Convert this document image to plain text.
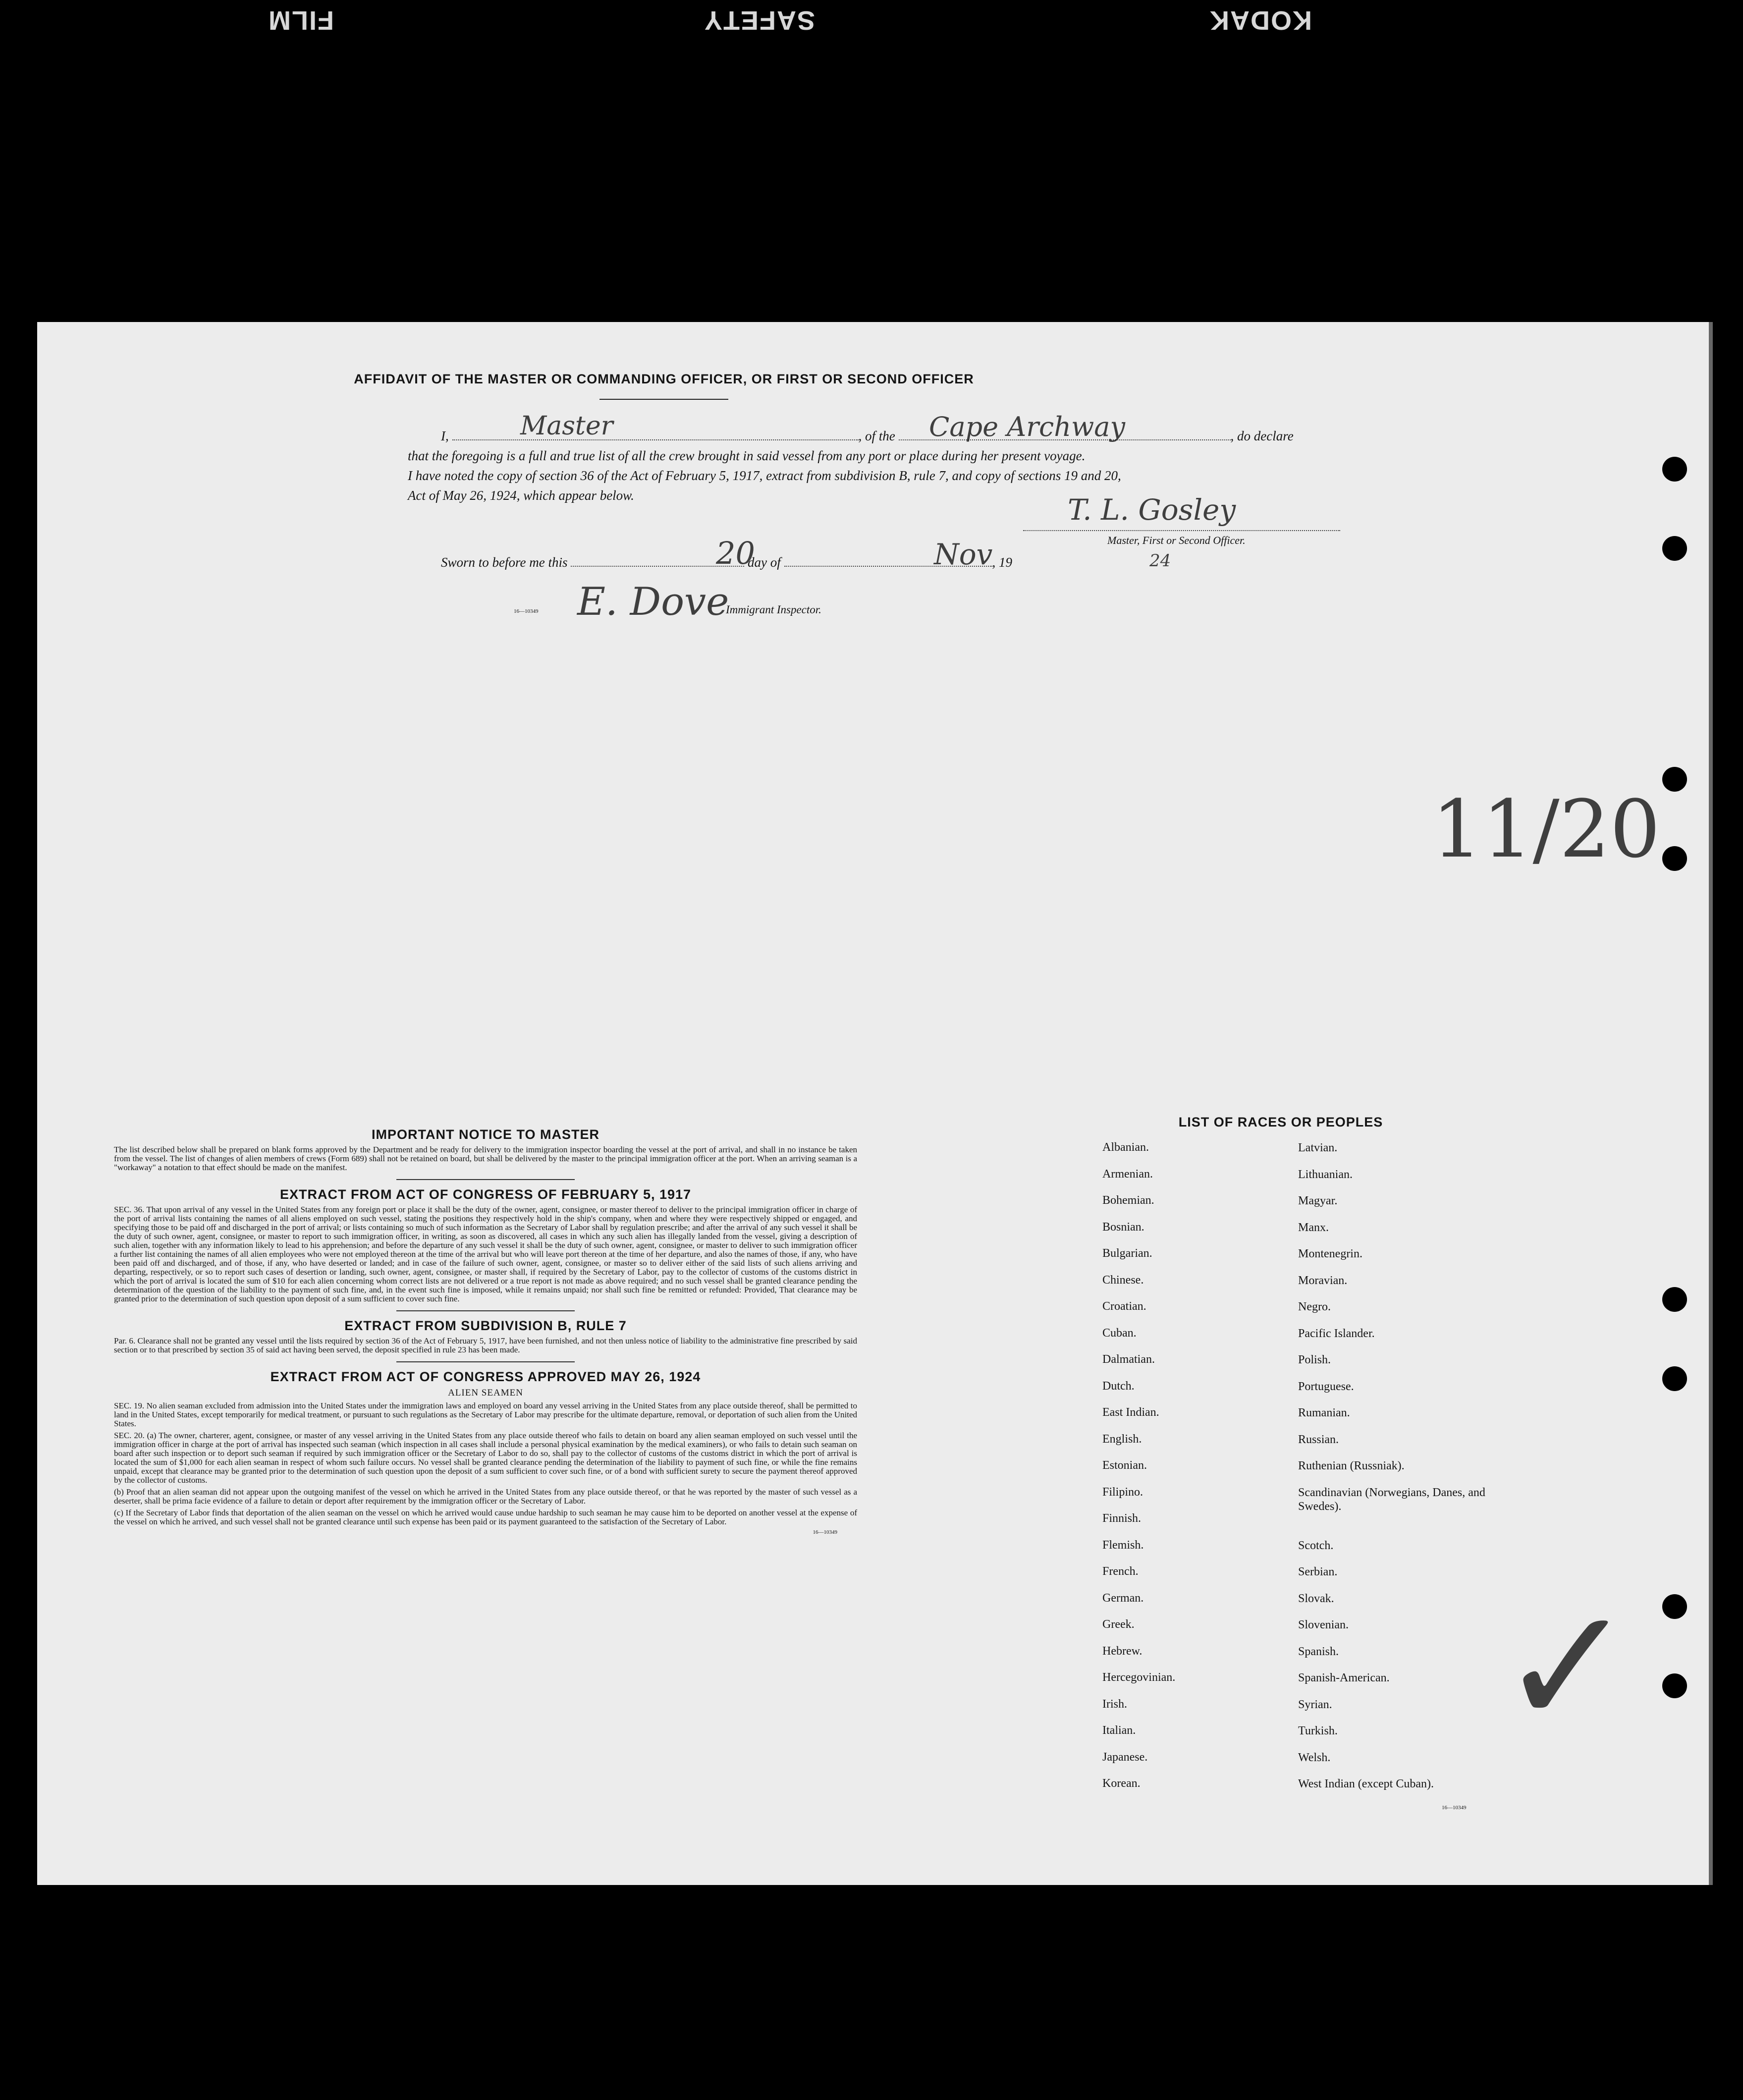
FILM	SAFETY	KODAK
AFFIDAVIT OF THE MASTER OR COMMANDING OFFICER, OR FIRST OR SECOND OFFICER
I,	, of the	, do declare
Master	Cape Archway
that the foregoing is a full and true list of all the crew brought in said vessel from any port or place during her present voyage.
I have noted the copy of section 36 of the Act of February 5, 1917, extract from subdivision B, rule 7, and copy of sections 19 and 20,
Act of May 26, 1924, which appear below.	T. L. Gosley
Master, First or Second Officer.
Sworn to before me this	day of	, 19
20	Nov	24
16—10349 E. Dove
Immigrant Inspector.
11/20
✓
IMPORTANT NOTICE TO MASTER

The list described below shall be prepared on blank forms approved by the Department and be ready for delivery to the immigration inspector boarding the vessel at the port of arrival, and shall in no instance be taken from the vessel. The list of changes of alien members of crews (Form 689) shall not be retained on board, but shall be delivered by the master to the principal immigration officer at the port. When an arriving seaman is a "workaway" a notation to that effect should be made on the manifest.

EXTRACT FROM ACT OF CONGRESS OF FEBRUARY 5, 1917

SEC. 36. That upon arrival of any vessel in the United States from any foreign port or place it shall be the duty of the owner, agent, consignee, or master thereof to deliver to the principal immigration officer in charge of the port of arrival lists containing the names of all aliens employed on such vessel, stating the positions they respectively hold in the ship's company, when and where they were respectively shipped or engaged, and specifying those to be paid off and discharged in the port of arrival; or lists containing so much of such information as the Secretary of Labor shall by regulation prescribe; and after the arrival of any such vessel it shall be the duty of such owner, agent, consignee, or master to report to such immigration officer, in writing, as soon as discovered, all cases in which any such alien has illegally landed from the vessel, giving a description of such alien, together with any information likely to lead to his apprehension; and before the departure of any such vessel it shall be the duty of such owner, agent, consignee, or master to deliver to such immigration officer a further list containing the names of all alien employees who were not employed thereon at the time of the arrival but who will leave port thereon at the time of her departure, and also the names of those, if any, who have been paid off and discharged, and of those, if any, who have deserted or landed; and in case of the failure of such owner, agent, consignee, or master so to deliver either of the said lists of such aliens arriving and departing, respectively, or so to report such cases of desertion or landing, such owner, agent, consignee, or master shall, if required by the Secretary of Labor, pay to the collector of customs of the customs district in which the port of arrival is located the sum of $10 for each alien concerning whom correct lists are not delivered or a true report is not made as above required; and no such vessel shall be granted clearance pending the determination of the question of the liability to the payment of such fine, and, in the event such fine is imposed, while it remains unpaid; nor shall such fine be remitted or refunded: Provided, That clearance may be granted prior to the determination of such question upon deposit of a sum sufficient to cover such fine.

EXTRACT FROM SUBDIVISION B, RULE 7

Par. 6. Clearance shall not be granted any vessel until the lists required by section 36 of the Act of February 5, 1917, have been furnished, and not then unless notice of liability to the administrative fine prescribed by said section or to that prescribed by section 35 of said act having been served, the deposit specified in rule 23 has been made.

EXTRACT FROM ACT OF CONGRESS APPROVED MAY 26, 1924

ALIEN SEAMEN

SEC. 19. No alien seaman excluded from admission into the United States under the immigration laws and employed on board any vessel arriving in the United States from any place outside thereof, shall be permitted to land in the United States, except temporarily for medical treatment, or pursuant to such regulations as the Secretary of Labor may prescribe for the ultimate departure, removal, or deportation of such alien from the United States.

SEC. 20. (a) The owner, charterer, agent, consignee, or master of any vessel arriving in the United States from any place outside thereof who fails to detain on board any alien seaman employed on such vessel until the immigration officer in charge at the port of arrival has inspected such seaman (which inspection in all cases shall include a personal physical examination by the medical examiners), or who fails to detain such seaman on board after such inspection or to deport such seaman if required by such immigration officer or the Secretary of Labor to do so, shall pay to the collector of customs of the customs district in which the port of arrival is located the sum of $1,000 for each alien seaman in respect of whom such failure occurs. No vessel shall be granted clearance pending the determination of the liability to payment of such fine, or while the fine remains unpaid, except that clearance may be granted prior to the determination of such question upon the deposit of a sum sufficient to cover such fine, or of a bond with sufficient surety to secure the payment thereof approved by the collector of customs.

(b) Proof that an alien seaman did not appear upon the outgoing manifest of the vessel on which he arrived in the United States from any place outside thereof, or that he was reported by the master of such vessel as a deserter, shall be prima facie evidence of a failure to detain or deport after requirement by the immigration officer or the Secretary of Labor.

(c) If the Secretary of Labor finds that deportation of the alien seaman on the vessel on which he arrived would cause undue hardship to such seaman he may cause him to be deported on another vessel at the expense of the vessel on which he arrived, and such vessel shall not be granted clearance until such expense has been paid or its payment guaranteed to the satisfaction of the Secretary of Labor.

16—10349
LIST OF RACES OR PEOPLES
Albanian.	Latvian.
Armenian.	Lithuanian.
Bohemian.	Magyar.
Bosnian.	Manx.
Bulgarian.	Montenegrin.
Chinese.	Moravian.
Croatian.	Negro.
Cuban.	Pacific Islander.
Dalmatian.	Polish.
Dutch.	Portuguese.
East Indian.	Rumanian.
English.	Russian.
Estonian.	Ruthenian (Russniak).
Filipino.	Scandinavian (Norwegians, Danes, and Swedes).
Finnish.
Flemish.	Scotch.
French.	Serbian.
German.	Slovak.
Greek.	Slovenian.
Hebrew.	Spanish.
Hercegovinian.	Spanish-American.
Irish.	Syrian.
Italian.	Turkish.
Japanese.	Welsh.
Korean.	West Indian (except Cuban).
16—10349
